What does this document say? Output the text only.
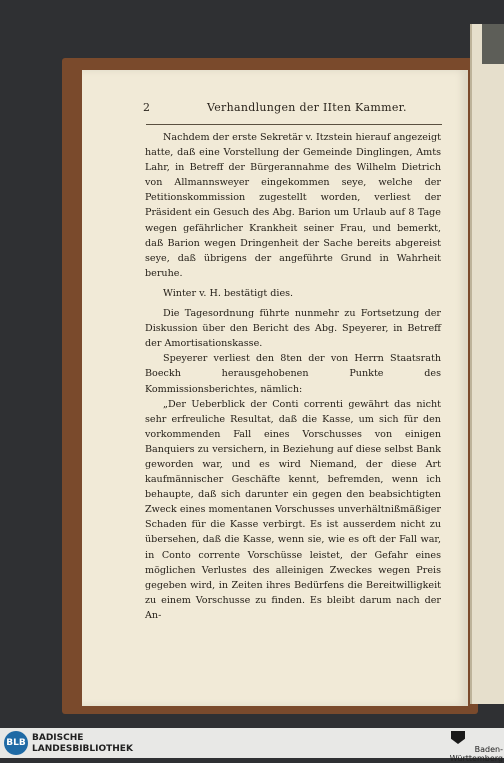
2	Verhandlungen der IIten Kammer.

Nachdem der erste Sekretär v. Itzstein hierauf angezeigt hatte, daß eine Vorstellung der Gemeinde Dinglingen, Amts Lahr, in Betreff der Bürgerannahme des Wilhelm Dietrich von Allmannsweyer eingekommen seye, welche der Petitionskommission zugestellt worden, verliest der Präsident ein Gesuch des Abg. Barion um Urlaub auf 8 Tage wegen gefährlicher Krankheit seiner Frau, und bemerkt, daß Barion wegen Dringenheit der Sache bereits abgereist seye, daß übrigens der angeführte Grund in Wahrheit beruhe.

Winter v. H. bestätigt dies.

Die Tagesordnung führte nunmehr zu Fortsetzung der Diskussion über den Bericht des Abg. Speyerer, in Betreff der Amortisationskasse.

Speyerer verliest den 8ten der von Herrn Staatsrath Boeckh herausgehobenen Punkte des Kommissionsberichtes, nämlich:

„Der Ueberblick der Conti correnti gewährt das nicht sehr erfreuliche Resultat, daß die Kasse, um sich für den vorkommenden Fall eines Vorschusses von einigen Banquiers zu versichern, in Beziehung auf diese selbst Bank geworden war, und es wird Niemand, der diese Art kaufmännischer Geschäfte kennt, befremden, wenn ich behaupte, daß sich darunter ein gegen den beabsichtigten Zweck eines momentanen Vorschusses unverhältnißmäßiger Schaden für die Kasse verbirgt. Es ist ausserdem nicht zu übersehen, daß die Kasse, wenn sie, wie es oft der Fall war, in Conto corrente Vorschüsse leistet, der Gefahr eines möglichen Verlustes des alleinigen Zweckes wegen Preis gegeben wird, in Zeiten ihres Bedürfens die Bereitwilligkeit zu einem Vorschusse zu finden. Es bleibt darum nach der An-

BLB BADISCHE
LANDESBIBLIOTHEK	Baden-Württemberg
